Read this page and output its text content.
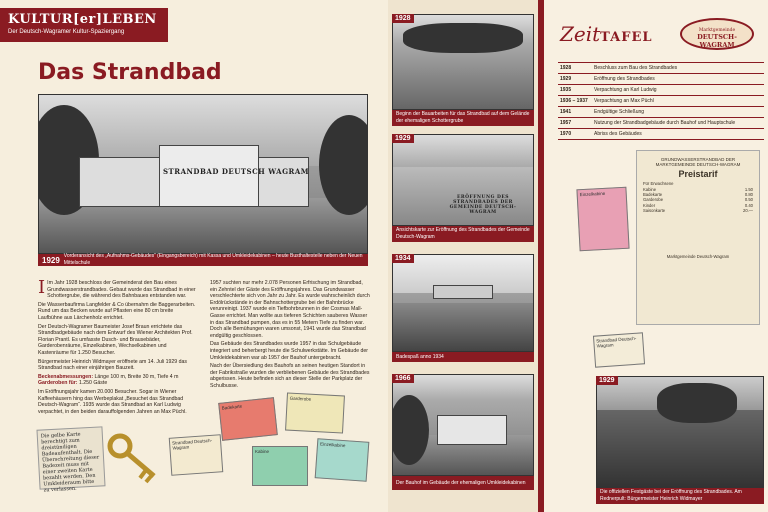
KULTUR[er]LEBEN
Der Deutsch-Wagramer Kultur-Spaziergang
Das Strandbad
STRANDBAD DEUTSCH WAGRAM
1929 Vorderansicht des „Aufnahms-Gebäudes“ (Eingangsbereich) mit Kassa und Umkleidekabinen – heute Busthaltestelle neben der Neuen Mittelschule

I Im Jahr 1928 beschloss der Gemeinderat den Bau eines Grundwasserstrandbades. Gebaut wurde das Strandbad in einer Schottergrube, die während des Bahnbaues entstanden war.

Die Wasserbauﬁrma Langfelder & Co übernahm die Baggerarbeiten. Rund um das Becken wurde auf Pﬂasten eine 80 cm breite Laufbühne aus Lärchenholz errichtet.

Der Deutsch-Wagramer Baumeister Josef Braun errichtete das Strandbadgebäude nach dem Entwurf des Wiener Architekten Prof. Florian Prantl. Es umfasste Dusch- und Brausebäder, Garderobenräume, Einzelkabinen, Wechselkabinen und Kastenräume für 1.250 Besucher.

Bürgermeister Heinrich Widmayer eröffnete am 14. Juli 1929 das Strandbad nach einer einjährigen Bauzeit.

Beckenabmessungen: Länge 100 m, Breite 30 m, Tiefe 4 m
Garderoben für: 1.250 Gäste

Im Eröffnungsjahr kamen 20.000 Besucher. Sogar in Wiener Kaffeehäusern hing das Werbeplakat „Besuchet das Strandbad Deutsch-Wagram“. 1935 wurde das Strandbad an Karl Ludwig verpachtet, in den beiden darauffolgenden Jahren an Max Püchl.

1957 suchten nur mehr 2.078 Personen Erfrischung im Strandbad, ein Zehntel der Gäste des Eröffnungsjahres. Das Grundwasser verschlechterte sich von Jahr zu Jahr. Es wurde wahrscheinlich durch Erdölrückstände in der Bahnschottergrube bei der Bahnbrücke verunreinigt. 1937 wurde ein Tiefbohrbrunnen in der Cosmas Mall-Gasse errichtet. Man wollte aus tieferen Schichten sauberes Wasser in das Strandbad pumpen, das es in 55 Metern Tiefe zu finden war. Doch alle Bemühungen waren umsonst, 1941 wurde das Strandbad endgültig geschlossen.

Das Gebäude des Strandbades wurde 1957 in das Schulgebäude integriert und beherbergt heute die Schulwerkstätte. Im Gebäude der Umkleidekabinen war ab 1957 der Bauhof untergebracht.

Nach der Übersiedlung des Bauhofs an seinen heutigen Standort in der Fabrikstraße wurden die verbliebenen Gebäude des Strandbades abgerissen. Heute befinden sich an dieser Stelle der Parkplatz der Schulbusse.

Die gelbe Karte berechtigt zum dreistündigen Badeaufenthalt. Die Überschreitung dieser Badezeit muss mit einer zweiten Karte bezahlt werden. Den Umkleideraum bitte zu verlassen.
Strandbad Deutsch-Wagram
Badekarte
Garderobe
Kabine
Einzelkabine
1928
Beginn der Bauarbeiten für das Strandbad auf dem Gelände der ehemaligen Schottergrube
ERÖFFNUNG DES STRANDBADES DER GEMEINDE DEUTSCH-WAGRAM
1929
Ansichtskarte zur Eröffnung des Strandbades der Gemeinde Deutsch-Wagram
1934
Badespaß anno 1934
1966
Der Bauhof im Gebäude der ehemaligen Umkleidekabinen
ZeitTAFEL	Marktgemeinde
DEUTSCH-WAGRAM
1928	Beschluss zum Bau des Strandbades
1929	Eröffnung des Strandbades
1935	Verpachtung an Karl Ludwig
1936 – 1937	Verpachtung an Max Püchl
1941	Endgültige Schließung
1957	Nutzung der Strandbadgebäude durch Bauhof und Hauptschule
1970	Abriss des Gebäudes
Einzelkabine
GRUNDWASSERSTRANDBAD DER MARKTGEMEINDE DEUTSCH-WAGRAM
Preistarif
Für Erwachsene
Kabine	1.50
Badekarte	0.80
Garderobe	0.50
Kinder	0.40
Saisonkarte	20.—
Marktgemeinde Deutsch-Wagram
Strandbad Deutsch-Wagram
1929
Die offiziellen Festgäste bei der Eröffnung des Strandbades. Am Rednerpult: Bürgermeister Heinrich Widmayer
